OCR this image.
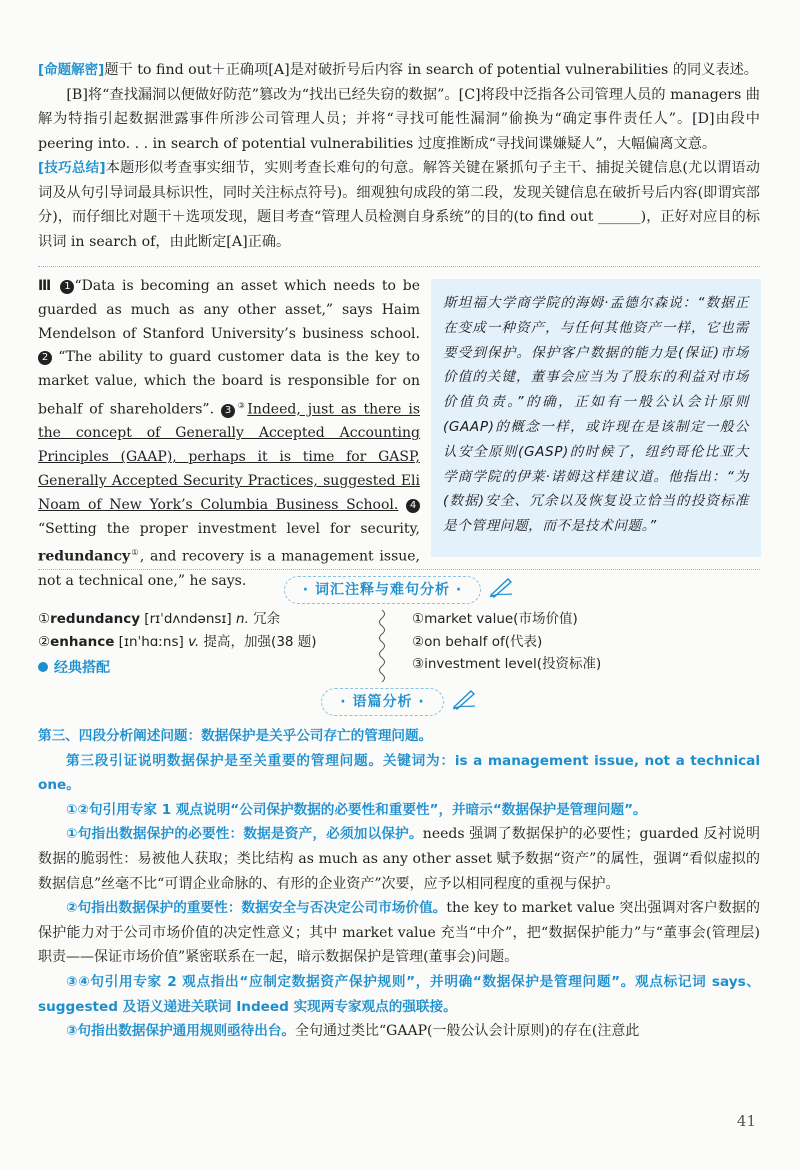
[命题解密]题干 to find out＋正确项[A]是对破折号后内容 in search of potential vulnerabilities 的同义表述。

[B]将“查找漏洞以便做好防范”篡改为“找出已经失窃的数据”。[C]将段中泛指各公司管理人员的 managers 曲解为特指引起数据泄露事件所涉公司管理人员；并将“寻找可能性漏洞”偷换为“确定事件责任人”。[D]由段中 peering into. . . in search of potential vulnerabilities 过度推断成“寻找间谍嫌疑人”，大幅偏离文意。

[技巧总结]本题形似考查事实细节，实则考查长难句的句意。解答关键在紧抓句子主干、捕捉关键信息(尤以谓语动词及从句引导词最具标识性，同时关注标点符号)。细观独句成段的第二段，发现关键信息在破折号后内容(即谓宾部分)，而仔细比对题干＋选项发现，题目考查“管理人员检测自身系统”的目的(to find out ______)，正好对应目的标识词 in search of，由此断定[A]正确。

Ⅲ 1 “Data is becoming an asset which needs to be guarded as much as any other asset,” says Haim Mendelson of Stanford University’s business school. 2 “The ability to guard customer data is the key to market value, which the board is responsible for on behalf of shareholders”. 3 ③Indeed, just as there is the concept of Generally Accepted Accounting Principles (GAAP), perhaps it is time for GASP, Generally Accepted Security Practices, suggested Eli Noam of New York’s Columbia Business School. 4 “Setting the proper investment level for security, redundancy①, and recovery is a management issue, not a technical one,” he says.

斯坦福大学商学院的海姆·孟德尔森说：“数据正在变成一种资产，与任何其他资产一样，它也需要受到保护。保护客户数据的能力是(保证)市场价值的关键，董事会应当为了股东的利益对市场价值负责。”的确，正如有一般公认会计原则(GAAP)的概念一样，或许现在是该制定一般公认安全原则(GASP)的时候了，纽约哥伦比亚大学商学院的伊莱·诺姆这样建议道。他指出：“为(数据)安全、冗余以及恢复设立恰当的投资标准是个管理问题，而不是技术问题。”
· 词汇注释与难句分析 ·
①redundancy [rɪˈdʌndənsɪ] n. 冗余
②enhance [ɪnˈhɑːns] v. 提高，加强(38 题)
经典搭配
①market value(市场价值)
②on behalf of(代表)
③investment level(投资标准)
· 语篇分析 ·

第三、四段分析阐述问题：数据保护是关乎公司存亡的管理问题。

第三段引证说明数据保护是至关重要的管理问题。关键词为：is a management issue, not a technical one。

①②句引用专家 1 观点说明“公司保护数据的必要性和重要性”，并暗示“数据保护是管理问题”。

①句指出数据保护的必要性：数据是资产，必须加以保护。needs 强调了数据保护的必要性；guarded 反衬说明数据的脆弱性：易被他人获取；类比结构 as much as any other asset 赋予数据“资产”的属性，强调“看似虚拟的数据信息”丝毫不比“可谓企业命脉的、有形的企业资产”次要，应予以相同程度的重视与保护。

②句指出数据保护的重要性：数据安全与否决定公司市场价值。the key to market value 突出强调对客户数据的保护能力对于公司市场价值的决定性意义；其中 market value 充当“中介”，把“数据保护能力”与“董事会(管理层)职责——保证市场价值”紧密联系在一起，暗示数据保护是管理(董事会)问题。

③④句引用专家 2 观点指出“应制定数据资产保护规则”，并明确“数据保护是管理问题”。观点标记词 says、suggested 及语义递进关联词 Indeed 实现两专家观点的强联接。

③句指出数据保护通用规则亟待出台。全句通过类比“GAAP(一般公认会计原则)的存在(注意此

41
